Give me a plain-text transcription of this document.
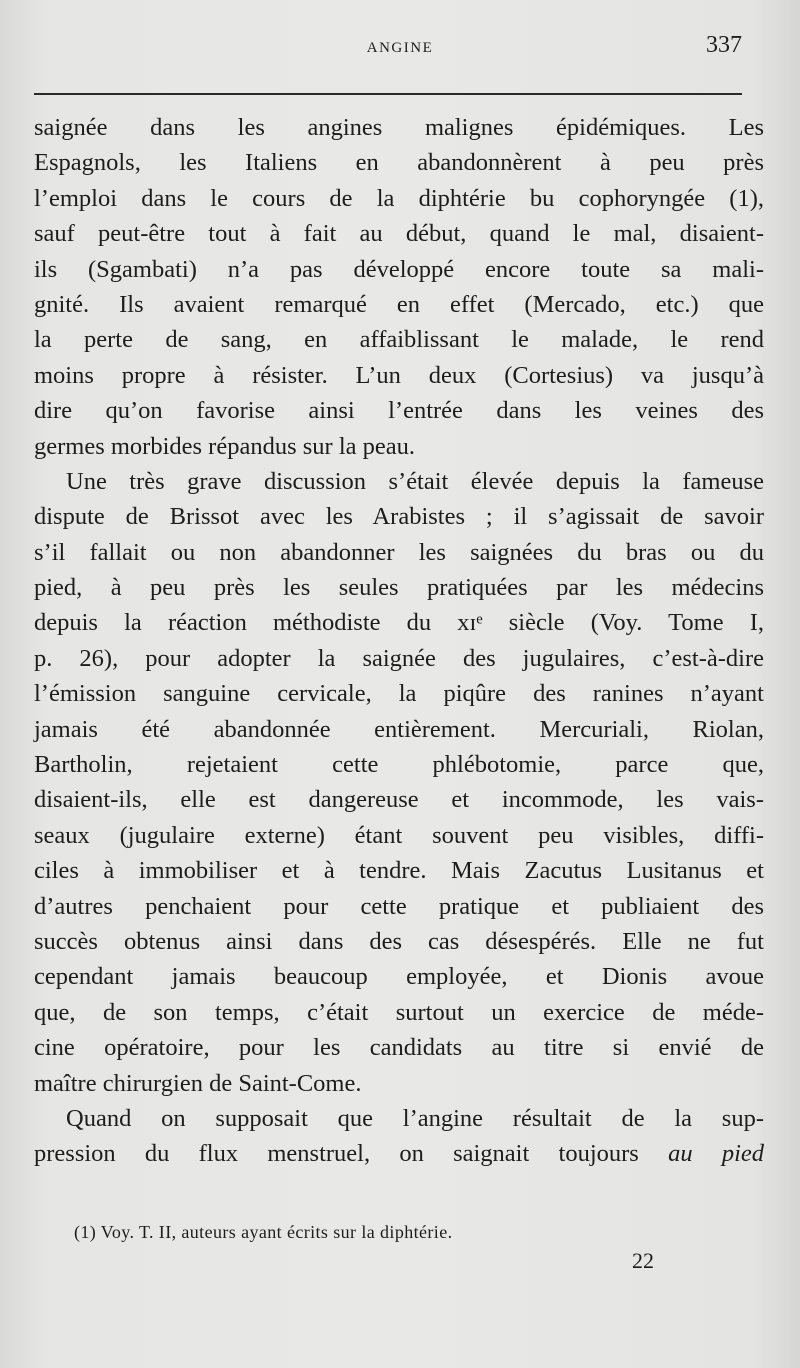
ANGINE	337
saignée dans les angines malignes épidémiques. Les
Espagnols, les Italiens en abandonnèrent à peu près
l’emploi dans le cours de la diphtérie bu cophoryngée (1),
sauf peut-être tout à fait au début, quand le mal, disaient-
ils (Sgambati) n’a pas développé encore toute sa mali-
gnité. Ils avaient remarqué en effet (Mercado, etc.) que
la perte de sang, en affaiblissant le malade, le rend
moins propre à résister. L’un deux (Cortesius) va jusqu’à
dire qu’on favorise ainsi l’entrée dans les veines des
germes morbides répandus sur la peau.
Une très grave discussion s’était élevée depuis la fameuse
dispute de Brissot avec les Arabistes ; il s’agissait de savoir
s’il fallait ou non abandonner les saignées du bras ou du
pied, à peu près les seules pratiquées par les médecins
depuis la réaction méthodiste du xɪᵉ siècle (Voy. Tome I,
p. 26), pour adopter la saignée des jugulaires, c’est-à-dire
l’émission sanguine cervicale, la piqûre des ranines n’ayant
jamais été abandonnée entièrement. Mercuriali, Riolan,
Bartholin, rejetaient cette phlébotomie, parce que,
disaient-ils, elle est dangereuse et incommode, les vais-
seaux (jugulaire externe) étant souvent peu visibles, diffi-
ciles à immobiliser et à tendre. Mais Zacutus Lusitanus et
d’autres penchaient pour cette pratique et publiaient des
succès obtenus ainsi dans des cas désespérés. Elle ne fut
cependant jamais beaucoup employée, et Dionis avoue
que, de son temps, c’était surtout un exercice de méde-
cine opératoire, pour les candidats au titre si envié de
maître chirurgien de Saint-Come.
Quand on supposait que l’angine résultait de la sup-
pression du flux menstruel, on saignait toujours au pied
(1) Voy. T. II, auteurs ayant écrits sur la diphtérie.
22
